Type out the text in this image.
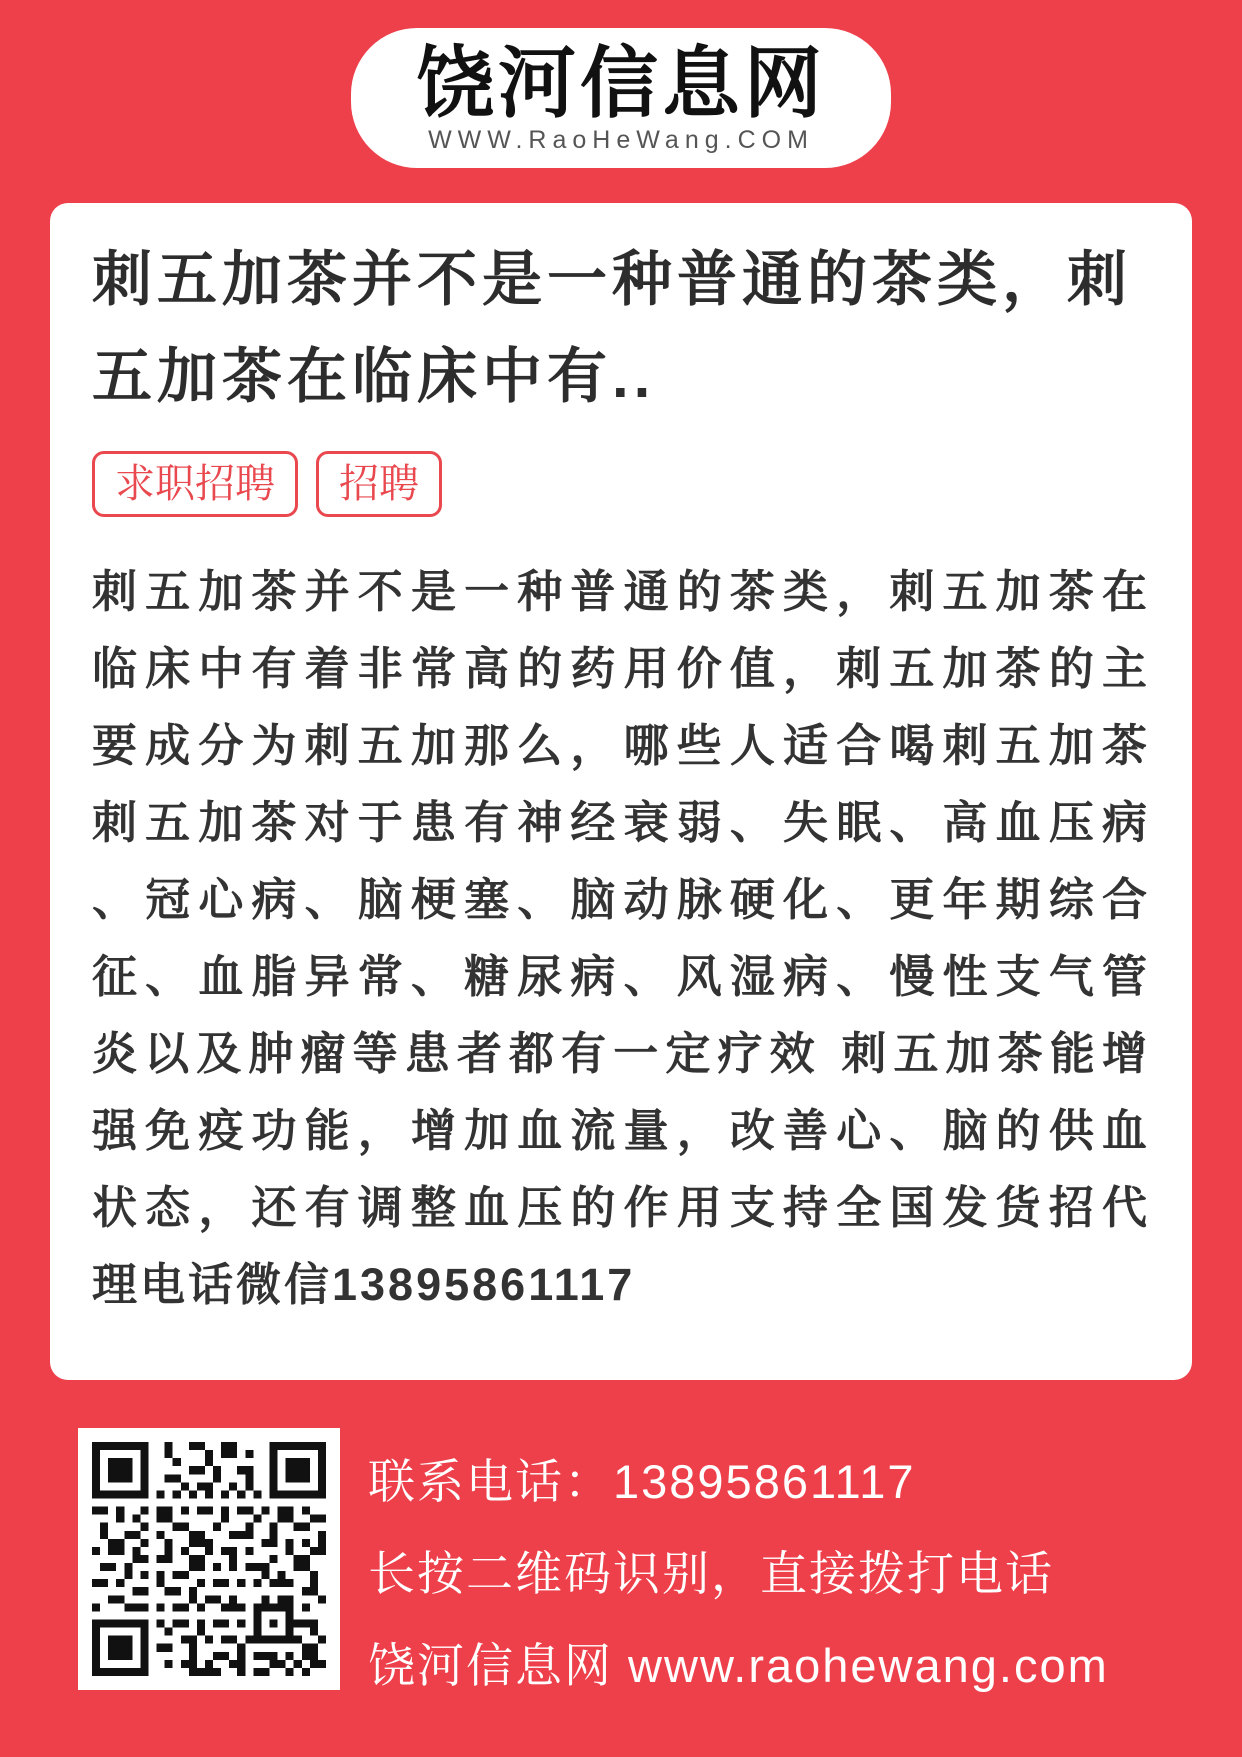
饶河信息网
WWW.RaoHeWang.COM
刺五加茶并不是一种普通的茶类，刺
五加茶在临床中有..
求职招聘	招聘
刺五加茶并不是一种普通的茶类，刺五加茶在
临床中有着非常高的药用价值，刺五加茶的主
要成分为刺五加那么，哪些人适合喝刺五加茶
刺五加茶对于患有神经衰弱、失眠、高血压病
、冠心病、脑梗塞、脑动脉硬化、更年期综合
征、血脂异常、糖尿病、风湿病、慢性支气管
炎以及肿瘤等患者都有一定疗效 刺五加茶能增
强免疫功能，增加血流量，改善心、脑的供血
状态，还有调整血压的作用支持全国发货招代
理电话微信13895861117
联系电话：13895861117
长按二维码识别，直接拨打电话
饶河信息网 www.raohewang.com
